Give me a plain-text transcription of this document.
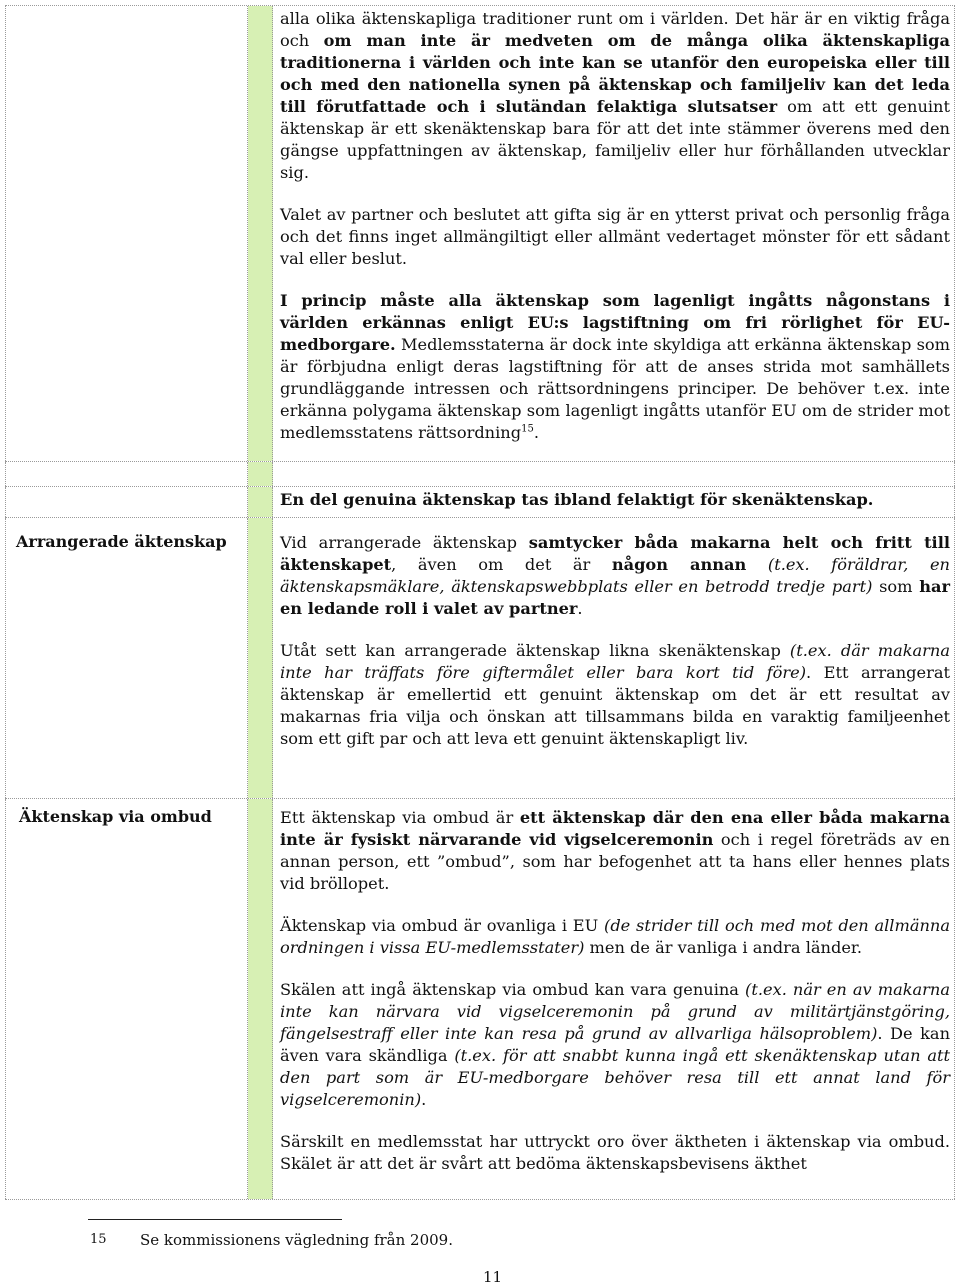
alla olika äktenskapliga traditioner runt om i världen. Det här är en viktig fråga och om man inte är medveten om de många olika äktenskapliga traditionerna i världen och inte kan se utanför den europeiska eller till och med den nationella synen på äktenskap och familjeliv kan det leda till förutfattade och i slutändan felaktiga slutsatser om att ett genuint äktenskap är ett skenäktenskap bara för att det inte stämmer överens med den gängse uppfattningen av äktenskap, familjeliv eller hur förhållanden utvecklar sig.

Valet av partner och beslutet att gifta sig är en ytterst privat och personlig fråga och det finns inget allmängiltigt eller allmänt vedertaget mönster för ett sådant val eller beslut.

I princip måste alla äktenskap som lagenligt ingåtts någonstans i världen erkännas enligt EU:s lagstiftning om fri rörlighet för EU-medborgare. Medlemsstaterna är dock inte skyldiga att erkänna äktenskap som är förbjudna enligt deras lagstiftning för att de anses strida mot samhällets grundläggande intressen och rättsordningens principer. De behöver t.ex. inte erkänna polygama äktenskap som lagenligt ingåtts utanför EU om de strider mot medlemsstatens rättsordning$^{15}$.

En del genuina äktenskap tas ibland felaktigt för skenäktenskap.

Arrangerade äktenskap	Vid arrangerade äktenskap samtycker båda makarna helt och fritt till äktenskapet, även om det är någon annan (t.ex. föräldrar, en äktenskapsmäklare, äktenskapswebbplats eller en betrodd tredje part) som har en ledande roll i valet av partner.

Utåt sett kan arrangerade äktenskap likna skenäktenskap (t.ex. där makarna inte har träffats före giftermålet eller bara kort tid före). Ett arrangerat äktenskap är emellertid ett genuint äktenskap om det är ett resultat av makarnas fria vilja och önskan att tillsammans bilda en varaktig familjeenhet som ett gift par och att leva ett genuint äktenskapligt liv.

Äktenskap via ombud	Ett äktenskap via ombud är ett äktenskap där den ena eller båda makarna inte är fysiskt närvarande vid vigselceremonin och i regel företräds av en annan person, ett ”ombud”, som har befogenhet att ta hans eller hennes plats vid bröllopet.

Äktenskap via ombud är ovanliga i EU (de strider till och med mot den allmänna ordningen i vissa EU-medlemsstater) men de är vanliga i andra länder.

Skälen att ingå äktenskap via ombud kan vara genuina (t.ex. när en av makarna inte kan närvara vid vigselceremonin på grund av militärtjänstgöring, fängelsestraff eller inte kan resa på grund av allvarliga hälsoproblem). De kan även vara skändliga (t.ex. för att snabbt kunna ingå ett skenäktenskap utan att den part som är EU-medborgare behöver resa till ett annat land för vigselceremonin).

Särskilt en medlemsstat har uttryckt oro över äktheten i äktenskap via ombud. Skälet är att det är svårt att bedöma äktenskapsbevisens äkthet

15 Se kommissionens vägledning från 2009.
11
